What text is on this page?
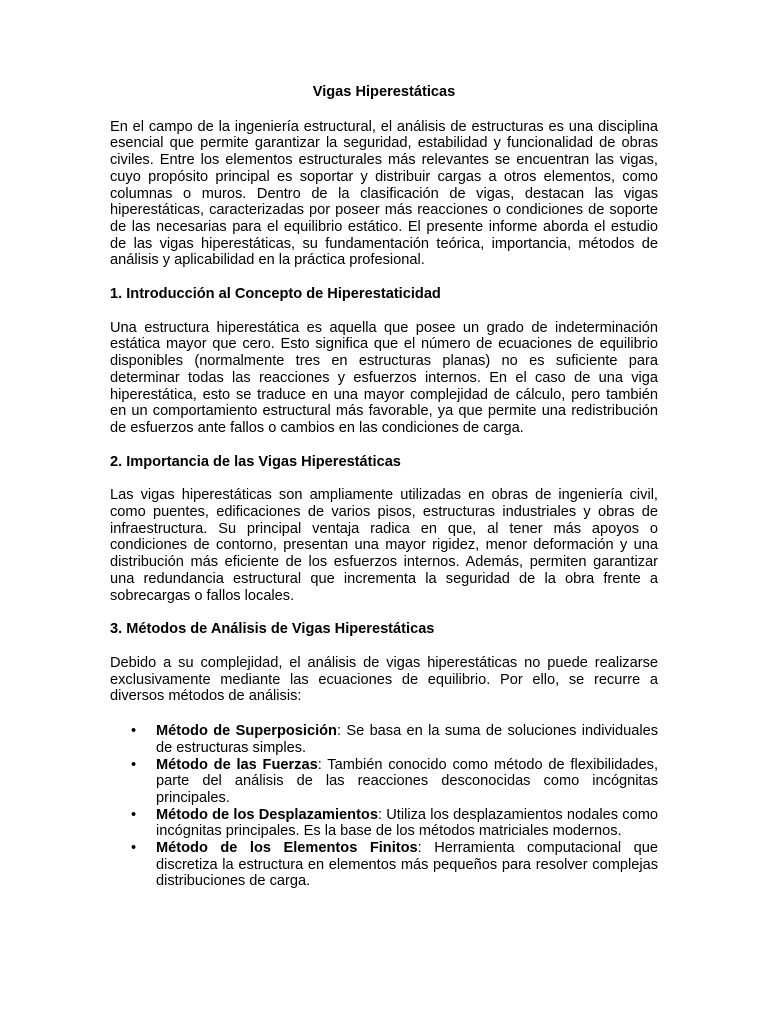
Vigas Hiperestáticas

En el campo de la ingeniería estructural, el análisis de estructuras es una disciplina esencial que permite garantizar la seguridad, estabilidad y funcionalidad de obras civiles. Entre los elementos estructurales más relevantes se encuentran las vigas, cuyo propósito principal es soportar y distribuir cargas a otros elementos, como columnas o muros. Dentro de la clasificación de vigas, destacan las vigas hiperestáticas, caracterizadas por poseer más reacciones o condiciones de soporte de las necesarias para el equilibrio estático. El presente informe aborda el estudio de las vigas hiperestáticas, su fundamentación teórica, importancia, métodos de análisis y aplicabilidad en la práctica profesional.

1. Introducción al Concepto de Hiperestaticidad

Una estructura hiperestática es aquella que posee un grado de indeterminación estática mayor que cero. Esto significa que el número de ecuaciones de equilibrio disponibles (normalmente tres en estructuras planas) no es suficiente para determinar todas las reacciones y esfuerzos internos. En el caso de una viga hiperestática, esto se traduce en una mayor complejidad de cálculo, pero también en un comportamiento estructural más favorable, ya que permite una redistribución de esfuerzos ante fallos o cambios en las condiciones de carga.

2. Importancia de las Vigas Hiperestáticas

Las vigas hiperestáticas son ampliamente utilizadas en obras de ingeniería civil, como puentes, edificaciones de varios pisos, estructuras industriales y obras de infraestructura. Su principal ventaja radica en que, al tener más apoyos o condiciones de contorno, presentan una mayor rigidez, menor deformación y una distribución más eficiente de los esfuerzos internos. Además, permiten garantizar una redundancia estructural que incrementa la seguridad de la obra frente a sobrecargas o fallos locales.

3. Métodos de Análisis de Vigas Hiperestáticas

Debido a su complejidad, el análisis de vigas hiperestáticas no puede realizarse exclusivamente mediante las ecuaciones de equilibrio. Por ello, se recurre a diversos métodos de análisis:

• Método de Superposición: Se basa en la suma de soluciones individuales de estructuras simples.
• Método de las Fuerzas: También conocido como método de flexibilidades, parte del análisis de las reacciones desconocidas como incógnitas principales.
• Método de los Desplazamientos: Utiliza los desplazamientos nodales como incógnitas principales. Es la base de los métodos matriciales modernos.
• Método de los Elementos Finitos: Herramienta computacional que discretiza la estructura en elementos más pequeños para resolver complejas distribuciones de carga.
